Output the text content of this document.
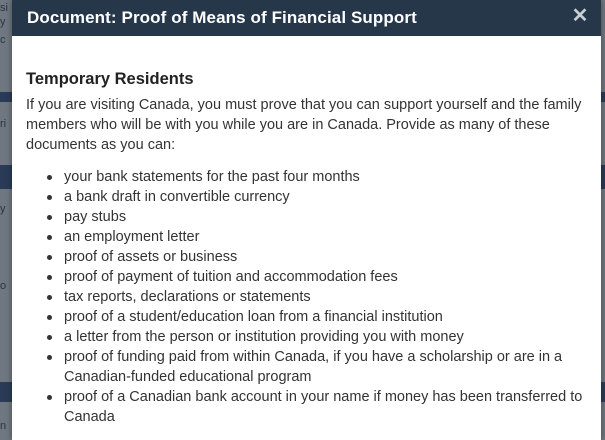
si
y
c
ri
y
o
n
Document: Proof of Means of Financial Support	✕
Temporary Residents

If you are visiting Canada, you must prove that you can support yourself and the family members who will be with you while you are in Canada. Provide as many of these documents as you can:

your bank statements for the past four months
a bank draft in convertible currency
pay stubs
an employment letter
proof of assets or business
proof of payment of tuition and accommodation fees
tax reports, declarations or statements
proof of a student/education loan from a financial institution
a letter from the person or institution providing you with money
proof of funding paid from within Canada, if you have a scholarship or are in a Canadian-funded educational program
proof of a Canadian bank account in your name if money has been transferred to Canada
